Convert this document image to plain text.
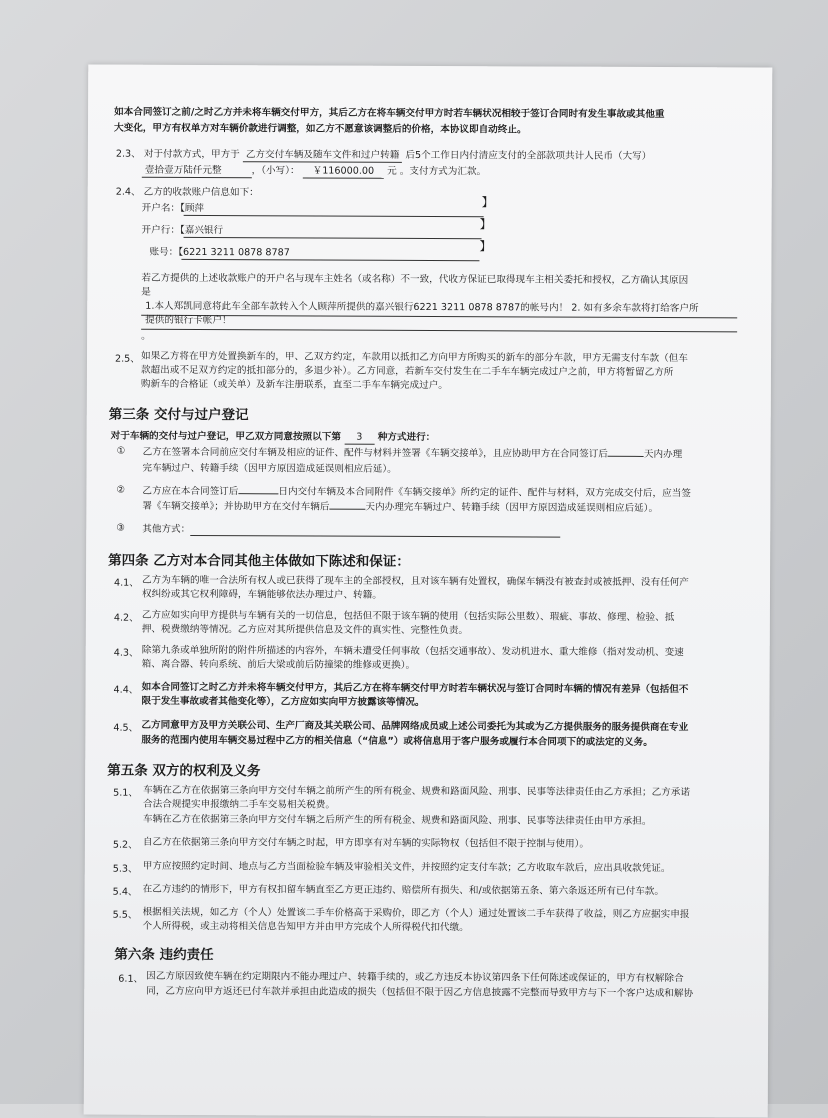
如本合同签订之前/之时乙方并未将车辆交付甲方，其后乙方在将车辆交付甲方时若车辆状况相较于签订合同时有发生事故或其他重
大变化，甲方有权单方对车辆价款进行调整，如乙方不愿意该调整后的价格，本协议即自动终止。
2.3、 对于付款方式，甲方于 乙方交付车辆及随车文件和过户转籍 后5个工作日内付清应支付的全部款项共计人民币（大写）
壹拾壹万陆仟元整	，（小写）： ￥116000.00 元 。支付方式为汇款。
2.4、 乙方的收款账户信息如下：
开户名：【顾萍	】
开户行：【嘉兴银行	】
账号：【6221 3211 0878 8787	】
若乙方提供的上述收款账户的开户名与现车主姓名（或名称）不一致，代收方保证已取得现车主相关委托和授权，乙方确认其原因
是
1.本人郑凯同意将此车全部车款转入个人顾萍所提供的嘉兴银行6221 3211 0878 8787的帐号内！ 2. 如有多余车款将打给客户所
提供的银行卡帐户！
。
2.5、 如果乙方将在甲方处置换新车的，甲、乙双方约定，车款用以抵扣乙方向甲方所购买的新车的部分车款，甲方无需支付车款（但车
款超出或不足双方约定的抵扣部分的，多退少补）。乙方同意，若新车交付发生在二手车车辆完成过户之前，甲方将暂留乙方所
购新车的合格证（或关单）及新车注册联系，直至二手车车辆完成过户。
第三条 交付与过户登记
对于车辆的交付与过户登记，甲乙双方同意按照以下第 3 种方式进行：
① 乙方在签署本合同前应交付车辆及相应的证件、配件与材料并签署《车辆交接单》，且应协助甲方在合同签订后	天内办理
完车辆过户、转籍手续（因甲方原因造成延误则相应后延）。
② 乙方应在本合同签订后	日内交付车辆及本合同附件《车辆交接单》所约定的证件、配件与材料，双方完成交付后，应当签
署《车辆交接单》；并协助甲方在交付车辆后	天内办理完车辆过户、转籍手续（因甲方原因造成延误则相应后延）。
③ 其他方式：
第四条 乙方对本合同其他主体做如下陈述和保证：
4.1、 乙方为车辆的唯一合法所有权人或已获得了现车主的全部授权，且对该车辆有处置权，确保车辆没有被查封或被抵押、没有任何产
权纠纷或其它权利障碍，车辆能够依法办理过户、转籍。
4.2、 乙方应如实向甲方提供与车辆有关的一切信息，包括但不限于该车辆的使用（包括实际公里数）、瑕疵、事故、修理、检验、抵
押、税费缴纳等情况。乙方应对其所提供信息及文件的真实性、完整性负责。
4.3、 除第九条或单独所附的附件所描述的内容外，车辆未遭受任何事故（包括交通事故）、发动机进水、重大维修（指对发动机、变速
箱、离合器、转向系统、前后大梁或前后防撞梁的维修或更换）。
4.4、 如本合同签订之时乙方并未将车辆交付甲方，其后乙方在将车辆交付甲方时若车辆状况与签订合同时车辆的情况有差异（包括但不
限于发生事故或者其他变化等），乙方应如实向甲方披露该等情况。
4.5、 乙方同意甲方及甲方关联公司、生产厂商及其关联公司、品牌网络成员或上述公司委托为其或为乙方提供服务的服务提供商在专业
服务的范围内使用车辆交易过程中乙方的相关信息（“信息”）或将信息用于客户服务或履行本合同项下的或法定的义务。
第五条 双方的权利及义务
5.1、 车辆在乙方在依据第三条向甲方交付车辆之前所产生的所有税金、规费和路面风险、刑事、民事等法律责任由乙方承担；乙方承诺
合法合规提实申报缴纳二手车交易相关税费。
车辆在乙方在依据第三条向甲方交付车辆之后所产生的所有税金、规费和路面风险、刑事、民事等法律责任由甲方承担。
5.2、 自乙方在依据第三条向甲方交付车辆之时起，甲方即享有对车辆的实际物权（包括但不限于控制与使用）。
5.3、 甲方应按照约定时间、地点与乙方当面检验车辆及审验相关文件，并按照约定支付车款；乙方收取车款后，应出具收款凭证。
5.4、 在乙方违约的情形下，甲方有权扣留车辆直至乙方更正违约、赔偿所有损失、和/或依据第五条、第六条返还所有已付车款。
5.5、 根据相关法规，如乙方（个人）处置该二手车价格高于采购价，即乙方（个人）通过处置该二手车获得了收益，则乙方应据实申报
个人所得税，或主动将相关信息告知甲方并由甲方完成个人所得税代扣代缴。
第六条 违约责任
6.1、 因乙方原因致使车辆在约定期限内不能办理过户、转籍手续的，或乙方违反本协议第四条下任何陈述或保证的，甲方有权解除合
同，乙方应向甲方返还已付车款并承担由此造成的损失（包括但不限于因乙方信息披露不完整而导致甲方与下一个客户达成和解协
